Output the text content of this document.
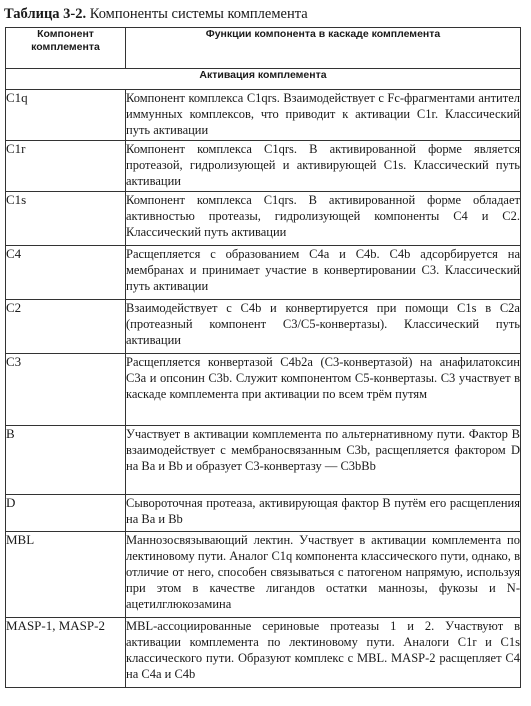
Таблица 3-2. Компоненты системы комплемента
Компонент комплемента	Функции компонента в каскаде комплемента
Активация комплемента	
C1q	Компонент комплекса C1qrs. Взаимодействует с Fc-фрагментами антител иммунных комплексов, что приводит к активации C1r. Классический путь активации
C1r	Компонент комплекса C1qrs. В активированной форме является протеазой, гидролизующей и активирующей C1s. Классический путь активации
C1s	Компонент комплекса C1qrs. В активированной форме обладает активностью протеазы, гидролизующей компоненты C4 и C2. Классический путь активации
C4	Расщепляется с образованием C4a и C4b. C4b адсорбируется на мембранах и принимает участие в конвертировании C3. Классический путь активации
C2	Взаимодействует с C4b и конвертируется при помощи C1s в C2a (протеазный компонент C3/C5-конвертазы). Классический путь активации
C3	Расщепляется конвертазой C4b2a (C3-конвертазой) на анафилатоксин C3a и опсонин C3b. Служит компонентом C5-конвертазы. C3 участвует в каскаде комплемента при активации по всем трём путям
B	Участвует в активации комплемента по альтернативному пути. Фактор B взаимодействует с мембраносвязанным C3b, расщепляется фактором D на Ba и Bb и образует C3-конвертазу — C3bBb
D	Сывороточная протеаза, активирующая фактор B путём его расщепления на Ba и Bb
MBL	Маннозосвязывающий лектин. Участвует в активации комплемента по лектиновому пути. Аналог C1q компонента классического пути, однако, в отличие от него, способен связываться с патогеном напрямую, используя при этом в качестве лигандов остатки маннозы, фукозы и N-ацетилглюкозамина
MASP-1, MASP-2	MBL-ассоциированные сериновые протеазы 1 и 2. Участвуют в активации комплемента по лектиновому пути. Аналоги C1r и C1s классического пути. Образуют комплекс с MBL. MASP-2 расщепляет C4 на C4a и C4b
